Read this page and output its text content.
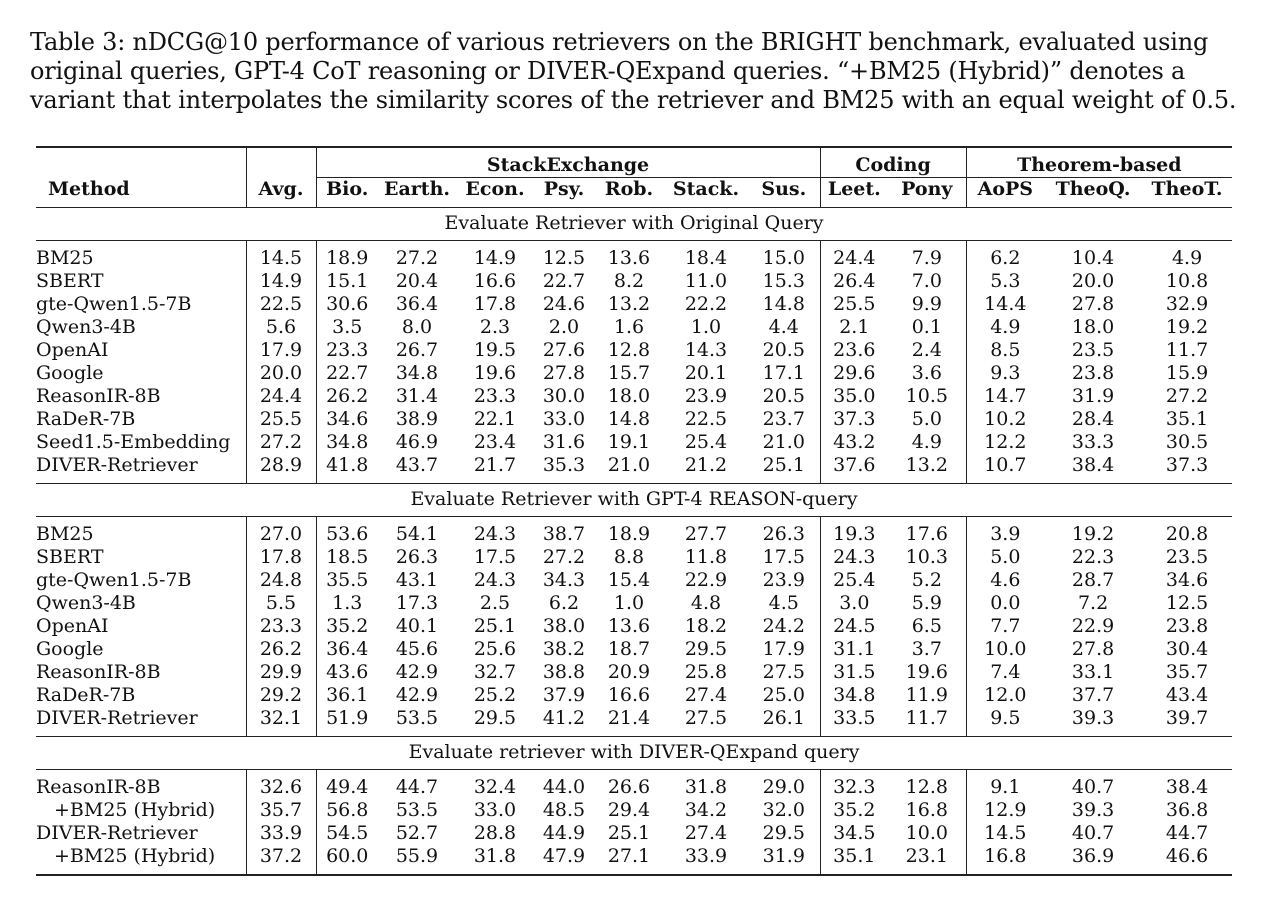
Table 3: nDCG@10 performance of various retrievers on the BRIGHT benchmark, evaluated using original queries, GPT-4 CoT reasoning or DIVER-QExpand queries. “+BM25 (Hybrid)” denotes a variant that interpolates the similarity scores of the retriever and BM25 with an equal weight of 0.5.
		StackExchange							Coding		Theorem-based		
Method	Avg.	Bio.	Earth.	Econ.	Psy.	Rob.	Stack.	Sus.	Leet.	Pony	AoPS	TheoQ.	TheoT.
Evaluate Retriever with Original Query													
BM25	14.5	18.9	27.2	14.9	12.5	13.6	18.4	15.0	24.4	7.9	6.2	10.4	4.9
SBERT	14.9	15.1	20.4	16.6	22.7	8.2	11.0	15.3	26.4	7.0	5.3	20.0	10.8
gte-Qwen1.5-7B	22.5	30.6	36.4	17.8	24.6	13.2	22.2	14.8	25.5	9.9	14.4	27.8	32.9
Qwen3-4B	5.6	3.5	8.0	2.3	2.0	1.6	1.0	4.4	2.1	0.1	4.9	18.0	19.2
OpenAI	17.9	23.3	26.7	19.5	27.6	12.8	14.3	20.5	23.6	2.4	8.5	23.5	11.7
Google	20.0	22.7	34.8	19.6	27.8	15.7	20.1	17.1	29.6	3.6	9.3	23.8	15.9
ReasonIR-8B	24.4	26.2	31.4	23.3	30.0	18.0	23.9	20.5	35.0	10.5	14.7	31.9	27.2
RaDeR-7B	25.5	34.6	38.9	22.1	33.0	14.8	22.5	23.7	37.3	5.0	10.2	28.4	35.1
Seed1.5-Embedding	27.2	34.8	46.9	23.4	31.6	19.1	25.4	21.0	43.2	4.9	12.2	33.3	30.5
DIVER-Retriever	28.9	41.8	43.7	21.7	35.3	21.0	21.2	25.1	37.6	13.2	10.7	38.4	37.3
Evaluate Retriever with GPT-4 REASON-query													
BM25	27.0	53.6	54.1	24.3	38.7	18.9	27.7	26.3	19.3	17.6	3.9	19.2	20.8
SBERT	17.8	18.5	26.3	17.5	27.2	8.8	11.8	17.5	24.3	10.3	5.0	22.3	23.5
gte-Qwen1.5-7B	24.8	35.5	43.1	24.3	34.3	15.4	22.9	23.9	25.4	5.2	4.6	28.7	34.6
Qwen3-4B	5.5	1.3	17.3	2.5	6.2	1.0	4.8	4.5	3.0	5.9	0.0	7.2	12.5
OpenAI	23.3	35.2	40.1	25.1	38.0	13.6	18.2	24.2	24.5	6.5	7.7	22.9	23.8
Google	26.2	36.4	45.6	25.6	38.2	18.7	29.5	17.9	31.1	3.7	10.0	27.8	30.4
ReasonIR-8B	29.9	43.6	42.9	32.7	38.8	20.9	25.8	27.5	31.5	19.6	7.4	33.1	35.7
RaDeR-7B	29.2	36.1	42.9	25.2	37.9	16.6	27.4	25.0	34.8	11.9	12.0	37.7	43.4
DIVER-Retriever	32.1	51.9	53.5	29.5	41.2	21.4	27.5	26.1	33.5	11.7	9.5	39.3	39.7
Evaluate retriever with DIVER-QExpand query													
ReasonIR-8B	32.6	49.4	44.7	32.4	44.0	26.6	31.8	29.0	32.3	12.8	9.1	40.7	38.4
+BM25 (Hybrid)	35.7	56.8	53.5	33.0	48.5	29.4	34.2	32.0	35.2	16.8	12.9	39.3	36.8
DIVER-Retriever	33.9	54.5	52.7	28.8	44.9	25.1	27.4	29.5	34.5	10.0	14.5	40.7	44.7
+BM25 (Hybrid)	37.2	60.0	55.9	31.8	47.9	27.1	33.9	31.9	35.1	23.1	16.8	36.9	46.6
